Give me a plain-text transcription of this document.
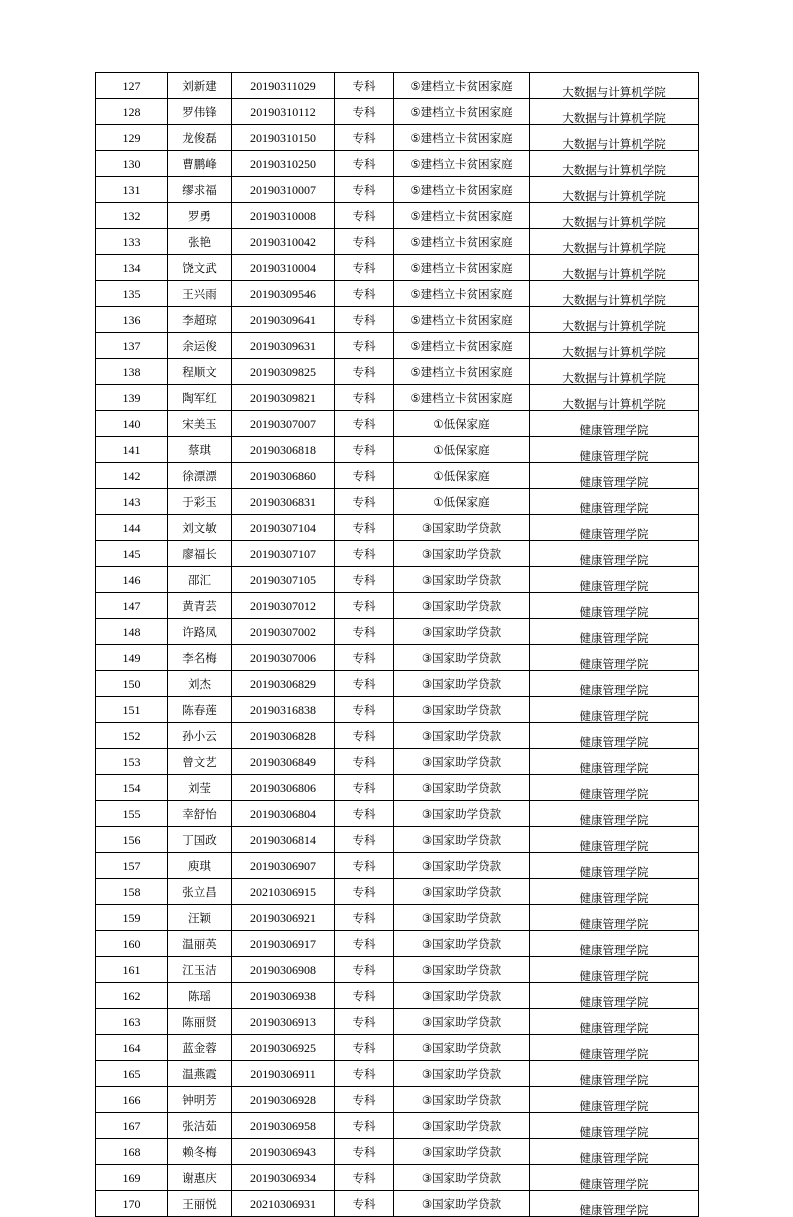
127	刘新建	20190311029	专科	⑤建档立卡贫困家庭	大数据与计算机学院
128	罗伟锋	20190310112	专科	⑤建档立卡贫困家庭	大数据与计算机学院
129	龙俊磊	20190310150	专科	⑤建档立卡贫困家庭	大数据与计算机学院
130	曹鹏峰	20190310250	专科	⑤建档立卡贫困家庭	大数据与计算机学院
131	缪求福	20190310007	专科	⑤建档立卡贫困家庭	大数据与计算机学院
132	罗勇	20190310008	专科	⑤建档立卡贫困家庭	大数据与计算机学院
133	张艳	20190310042	专科	⑤建档立卡贫困家庭	大数据与计算机学院
134	饶文武	20190310004	专科	⑤建档立卡贫困家庭	大数据与计算机学院
135	王兴雨	20190309546	专科	⑤建档立卡贫困家庭	大数据与计算机学院
136	李超琼	20190309641	专科	⑤建档立卡贫困家庭	大数据与计算机学院
137	余运俊	20190309631	专科	⑤建档立卡贫困家庭	大数据与计算机学院
138	程顺文	20190309825	专科	⑤建档立卡贫困家庭	大数据与计算机学院
139	陶军红	20190309821	专科	⑤建档立卡贫困家庭	大数据与计算机学院
140	宋美玉	20190307007	专科	①低保家庭	健康管理学院
141	蔡琪	20190306818	专科	①低保家庭	健康管理学院
142	徐漂漂	20190306860	专科	①低保家庭	健康管理学院
143	于彩玉	20190306831	专科	①低保家庭	健康管理学院
144	刘文敏	20190307104	专科	③国家助学贷款	健康管理学院
145	廖福长	20190307107	专科	③国家助学贷款	健康管理学院
146	邵汇	20190307105	专科	③国家助学贷款	健康管理学院
147	黄青芸	20190307012	专科	③国家助学贷款	健康管理学院
148	许路凤	20190307002	专科	③国家助学贷款	健康管理学院
149	李名梅	20190307006	专科	③国家助学贷款	健康管理学院
150	刘杰	20190306829	专科	③国家助学贷款	健康管理学院
151	陈春莲	20190316838	专科	③国家助学贷款	健康管理学院
152	孙小云	20190306828	专科	③国家助学贷款	健康管理学院
153	曾文艺	20190306849	专科	③国家助学贷款	健康管理学院
154	刘莹	20190306806	专科	③国家助学贷款	健康管理学院
155	幸舒怡	20190306804	专科	③国家助学贷款	健康管理学院
156	丁国政	20190306814	专科	③国家助学贷款	健康管理学院
157	庾琪	20190306907	专科	③国家助学贷款	健康管理学院
158	张立昌	20210306915	专科	③国家助学贷款	健康管理学院
159	汪颖	20190306921	专科	③国家助学贷款	健康管理学院
160	温丽英	20190306917	专科	③国家助学贷款	健康管理学院
161	江玉洁	20190306908	专科	③国家助学贷款	健康管理学院
162	陈瑶	20190306938	专科	③国家助学贷款	健康管理学院
163	陈丽贤	20190306913	专科	③国家助学贷款	健康管理学院
164	蓝金蓉	20190306925	专科	③国家助学贷款	健康管理学院
165	温燕霞	20190306911	专科	③国家助学贷款	健康管理学院
166	钟明芳	20190306928	专科	③国家助学贷款	健康管理学院
167	张洁茹	20190306958	专科	③国家助学贷款	健康管理学院
168	赖冬梅	20190306943	专科	③国家助学贷款	健康管理学院
169	谢惠庆	20190306934	专科	③国家助学贷款	健康管理学院
170	王丽悦	20210306931	专科	③国家助学贷款	健康管理学院
